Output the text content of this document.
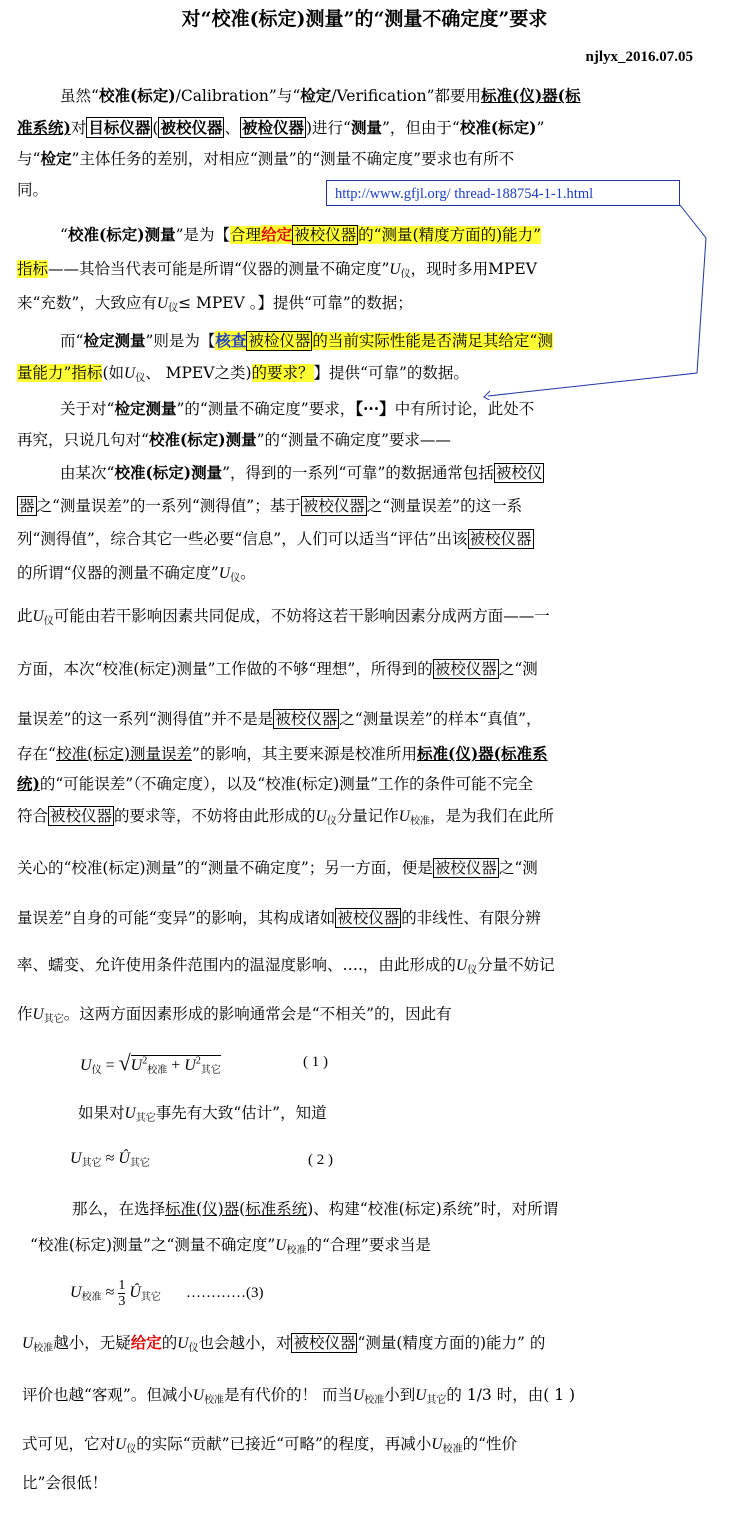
对“校准(标定)测量”的“测量不确定度”要求
njlyx_2016.07.05
虽然“校准(标定)/Calibration”与“检定/Verification”都要用标准(仪)器(标
准系统)对 目标仪器 ( 被校仪器 、 被检仪器 )进行“测量”，但由于“校准(标定)”
与“检定”主体任务的差别，对相应“测量”的“测量不确定度”要求也有所不
同。	http://www.gfjl.org/ thread-188754-1-1.html
“校准(标定)测量”是为【合理给定 被校仪器 的“测量(精度方面的)能力”
指标——其恰当代表可能是所谓“仪器的测量不确定度$”U_仪$，现时多用MPEV
来“充数”，大致应有$U_仪\le$ MPEV 。】提供“可靠”的数据；
而“检定测量”则是为【核查 被检仪器 的当前实际性能是否满足其给定“测
量能力”指标(如$U_仪$、 MPEV之类)的要求？】提供“可靠”的数据。
关于对“检定测量”的“测量不确定度”要求，【···】中有所讨论，此处不
再究，只说几句对“校准(标定)测量”的“测量不确定度”要求——
由某次“校准(标定)测量”，得到的一系列“可靠”的数据通常包括 被校仪
器 之“测量误差”的一系列“测得值”；基于 被校仪器 之“测量误差”的这一系
列“测得值”，综合其它一些必要“信息”，人们可以适当“评估”出该 被校仪器
的所谓“仪器的测量不确定度$”U_仪$。
此$U_仪$可能由若干影响因素共同促成，不妨将这若干影响因素分成两方面——一
方面，本次“校准(标定)测量”工作做的不够“理想”，所得到的 被校仪器 之“测
量误差”的这一系列“测得值”并不是是 被校仪器 之“测量误差”的样本“真值”，
存在“校准(标定)测量误差”的影响，其主要来源是校准所用标准(仪)器(标准系
统)的“可能误差”（不确定度），以及“校准(标定)测量”工作的条件可能不完全
符合 被校仪器 的要求等，不妨将由此形成的$U_仪$分量记作$U_{校准}$，是为我们在此所
关心的“校准(标定)测量”的“测量不确定度”；另一方面，便是 被校仪器 之“测
量误差”自身的可能“变异”的影响，其构成诸如 被校仪器 的非线性、有限分辨
率、蠕变、允许使用条件范围内的温湿度影响、….，由此形成的$U_仪$分量不妨记
作$U_{其它}$。这两方面因素形成的影响通常会是“不相关”的，因此有
$U_仪 = √U^2_{校准} + U^2_{其它}$
( 1 )
如果对$U_{其它}$事先有大致“估计”，知道
$U_{其它}$ ≈ $Û_{其它}$	( 2 )
那么，在选择标准(仪)器(标准系统)、构建“校准(标定)系统”时，对所谓
“校准(标定)测量”之“测量不确定度$”U_{校准}$的“合理”要求当是
$U_{校准} \approx \frac{1}{3}$ $Û_{其它}$ …………(3)
$U_{校准}$越小，无疑给定的$U_仪$也会越小，对 被校仪器 “测量(精度方面的)能力” 的
评价也越“客观”。但减小$U_{校准}$是有代价的！ 而当$U_{校准}$小到$U_{其它}$的 1/3 时，由( 1 )
式可见，它对$U_仪$的实际“贡献”已接近“可略”的程度，再减小$U_{校准}$的“性价
比”会很低！
